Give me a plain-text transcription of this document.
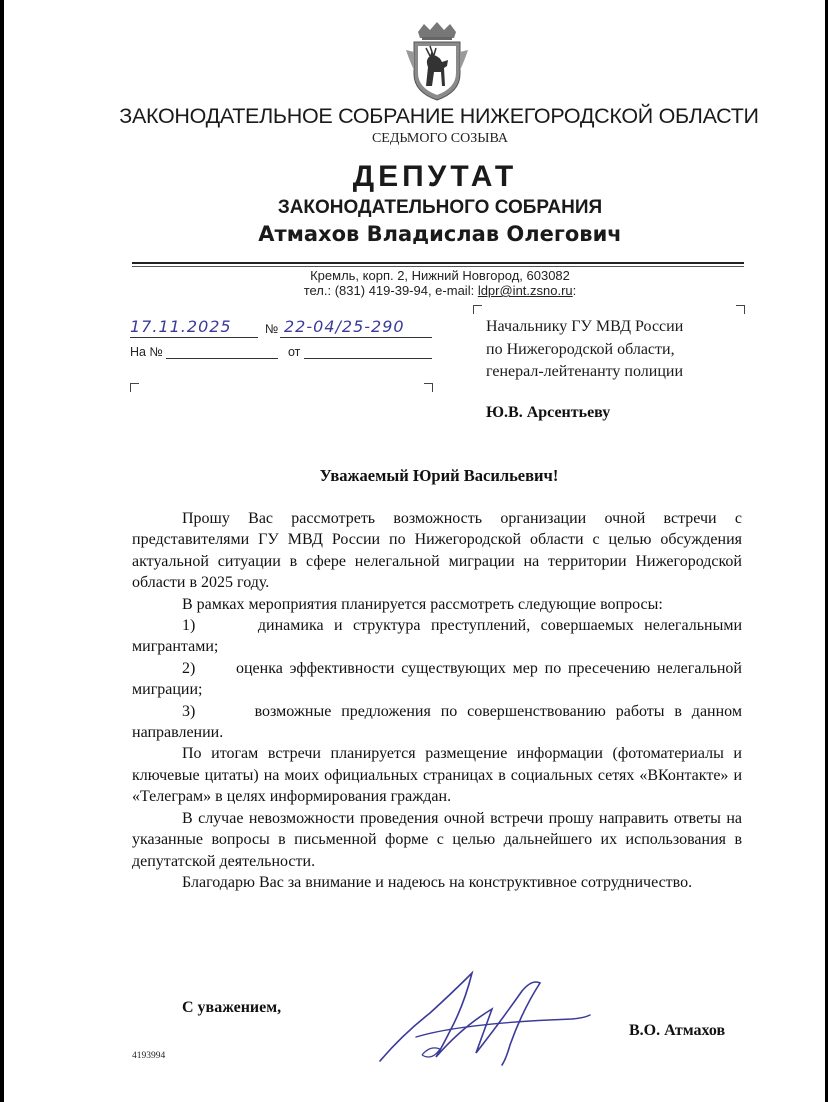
ЗАКОНОДАТЕЛЬНОЕ СОБРАНИЕ НИЖЕГОРОДСКОЙ ОБЛАСТИ
СЕДЬМОГО СОЗЫВА
ДЕПУТАТ
ЗАКОНОДАТЕЛЬНОГО СОБРАНИЯ
Атмахов Владислав Олегович
Кремль, корп. 2, Нижний Новгород, 603082
тел.: (831) 419-39-94, e-mail: ldpr@int.zsno.ru:
17.11.2025	№ 22-04/25-290
На №	от
Начальнику ГУ МВД России
по Нижегородской области,
генерал-лейтенанту полиции
Ю.В. Арсентьеву
Уважаемый Юрий Васильевич!

Прошу Вас рассмотреть возможность организации очной встречи с представителями ГУ МВД России по Нижегородской области с целью обсуждения актуальной ситуации в сфере нелегальной миграции на территории Нижегородской области в 2025 году.

В рамках мероприятия планируется рассмотреть следующие вопросы:

1)	динамика и структура преступлений, совершаемых нелегальными мигрантами;

2)	оценка эффективности существующих мер по пресечению нелегальной миграции;

3)	возможные предложения по совершенствованию работы в данном направлении.

По итогам встречи планируется размещение информации (фотоматериалы и ключевые цитаты) на моих официальных страницах в социальных сетях «ВКонтакте» и «Телеграм» в целях информирования граждан.

В случае невозможности проведения очной встречи прошу направить ответы на указанные вопросы в письменной форме с целью дальнейшего их использования в депутатской деятельности.

Благодарю Вас за внимание и надеюсь на конструктивное сотрудничество.

С уважением,
В.О. Атмахов
4193994
